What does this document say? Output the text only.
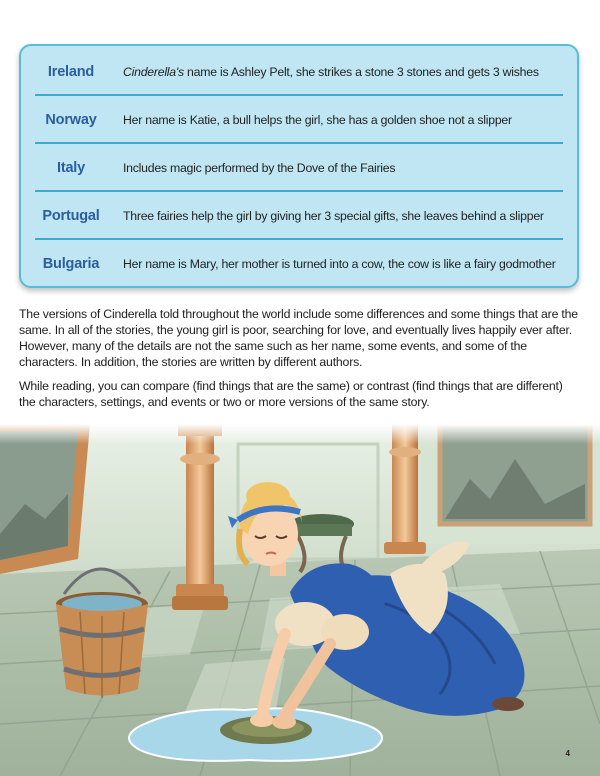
Ireland	Cinderella's name is Ashley Pelt, she strikes a stone 3 stones and gets 3 wishes
Norway	Her name is Katie, a bull helps the girl, she has a golden shoe not a slipper
Italy	Includes magic performed by the Dove of the Fairies
Portugal	Three fairies help the girl by giving her 3 special gifts, she leaves behind a slipper
Bulgaria	Her name is Mary, her mother is turned into a cow, the cow is like a fairy godmother

The versions of Cinderella told throughout the world include some differences and some things that are the same. In all of the stories, the young girl is poor, searching for love, and eventually lives happily ever after. However, many of the details are not the same such as her name, some events, and some of the characters. In addition, the stories are written by different authors.

While reading, you can compare (find things that are the same) or contrast (find things that are different) the characters, settings, and events or two or more versions of the same story.

4
